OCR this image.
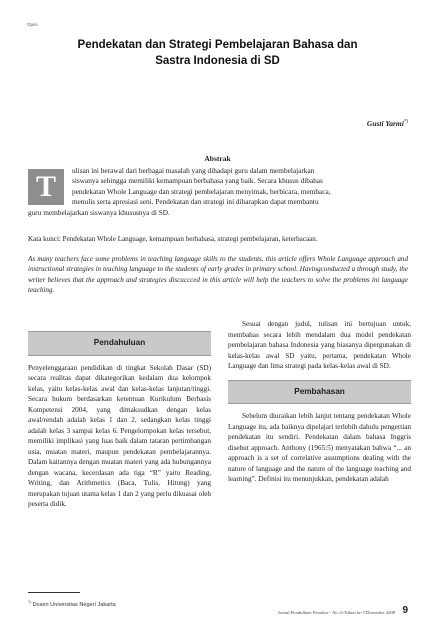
Opini
Pendekatan dan Strategi Pembelajaran Bahasa dan
Sastra Indonesia di SD
Gusti Yarmi*)
Abstrak
T	ulisan ini berawal dari berbagai masalah yang dihadapi guru dalam membelajarkan
siswanya sehingga memiliki kemampuan berbahasa yang baik. Secara khusus dibahas
pendekatan Whole Language dan strategi pembelajaran menyimak, berbicara, membaca,
menulis serta apresiasi seni. Pendekatan dan strategi ini diharapkan dapat membantu
guru membelajarkan siswanya khususnya di SD.
Kata kunci: Pendekatan Whole Language, kemampuan berbahasa, strategi pembelajaran, keterbacaan.
As many teachers face some problems in teaching language skills to the students, this article offers Whole Language approach and instructional strategies in teaching language to the students of early grades in primary school. Havingconducted a through study, the writer believes that the approach and strategies discuccced in this article will help the teachers to solve the problems ini language teaching.
Pendahuluan

Penyelenggaraan pendidikan di tingkat Sekolah Dasar (SD) secara realitas dapat dikategorikan kedalam dua kelompok kelas, yaitu kelas-kelas awal dan kelas-kelas lanjutan/tinggi. Secara hukum berdasarkan ketentuan Kurikulum Berbasis Kompetensi 2004, yang dimaksudkan dengan kelas awal/rendah adalah kelas 1 dan 2, sedangkan kelas tinggi adalah kelas 3 sampai kelas 6. Pengelompokan kelas tersebut, memiliki implikasi yang luas baik dalam tataran pertimbangan usia, muatan materi, maupun pendekatan pembelajarannya. Dalam kaitannya dengan muatan materi yang ada hubungannya dengan wacana, kecerdasan ada tiga “R” yaitu Reading, Writing, dan Arithmetics (Baca, Tulis, Hitung) yang merupakan tujuan utama kelas 1 dan 2 yang perlu dikuasai oleh peserta didik.

Sesuai dengan judul, tulisan ini bertujuan untuk, membahas secara lebih mendalam dua model pendekatan pembelajaran bahasa Indonesia yang biasanya dipergunakan di kelas-kelas awal SD yaitu, pertama, pendekatan Whole Language dan lima strategi pada kelas-kelas awal di SD.

Pembahasan

Sebelum diuraikan lebih lanjut tentang pendekatan Whole Language itu, ada baiknya dipelajari terlebih dahulu pengertian pendekatan itu sendiri. Pendekatan dalam bahasa Inggris disebut approach. Anthony (1965:5) menyatakan bahwa “... an approach is a set of correlative assumptions dealing with the nature of language and the nature of the language teaching and learning”. Definisi itu menunjukkan, pendekatan adalah

*) Dosen Universitas Negeri Jakarta
Jurnal Pendidikan Penabur - No.11/Tahun ke-7/Desember 2008 9
